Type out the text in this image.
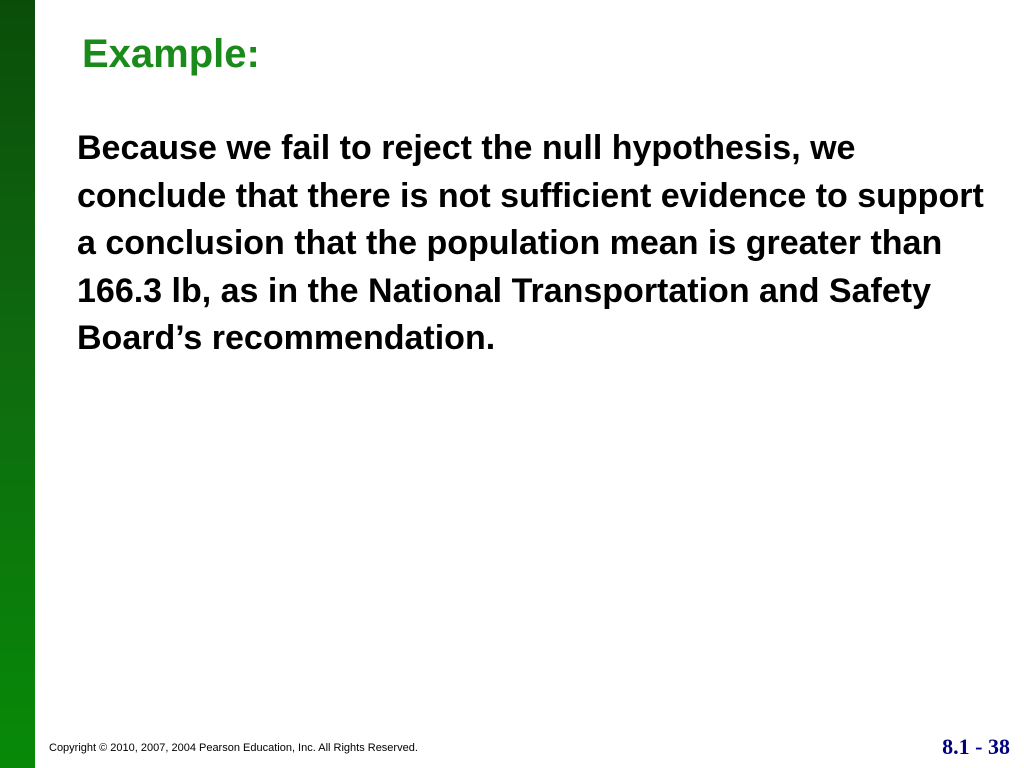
Example:

Because we fail to reject the null hypothesis, we conclude that there is not sufficient evidence to support a conclusion that the population mean is greater than 166.3 lb, as in the National Transportation and Safety Board’s recommendation.

Copyright © 2010, 2007, 2004 Pearson Education, Inc. All Rights Reserved.	8.1 - 38
